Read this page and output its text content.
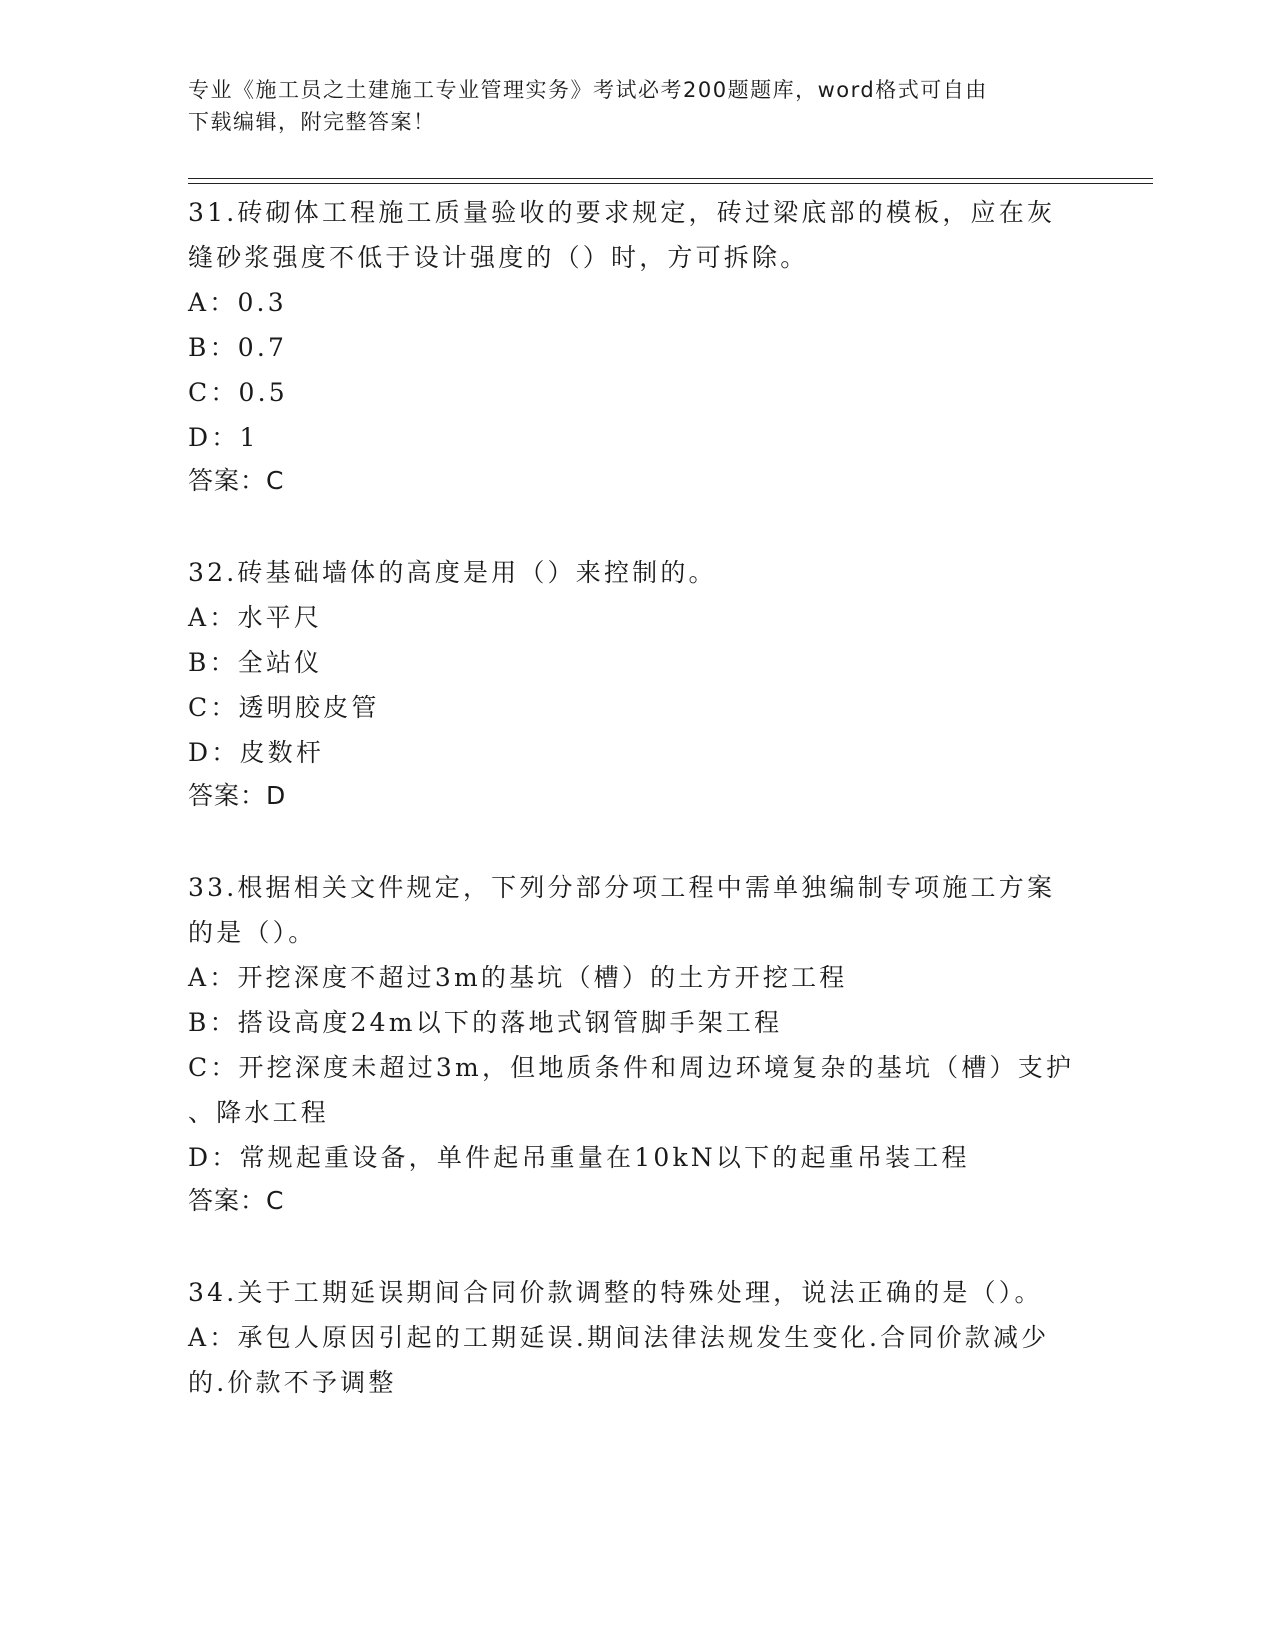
专业《施工员之土建施工专业管理实务》考试必考200题题库，word格式可自由
下载编辑，附完整答案！
31.砖砌体工程施工质量验收的要求规定，砖过梁底部的模板，应在灰
缝砂浆强度不低于设计强度的（）时，方可拆除。
A：0.3
B：0.7
C：0.5
D：1
答案：C
32.砖基础墙体的高度是用（）来控制的。
A：水平尺
B：全站仪
C：透明胶皮管
D：皮数杆
答案：D
33.根据相关文件规定，下列分部分项工程中需单独编制专项施工方案
的是（）。
A：开挖深度不超过3m的基坑（槽）的土方开挖工程
B：搭设高度24m以下的落地式钢管脚手架工程
C：开挖深度未超过3m，但地质条件和周边环境复杂的基坑（槽）支护
、降水工程
D：常规起重设备，单件起吊重量在10kN以下的起重吊装工程
答案：C
34.关于工期延误期间合同价款调整的特殊处理，说法正确的是（）。
A：承包人原因引起的工期延误.期间法律法规发生变化.合同价款减少
的.价款不予调整
